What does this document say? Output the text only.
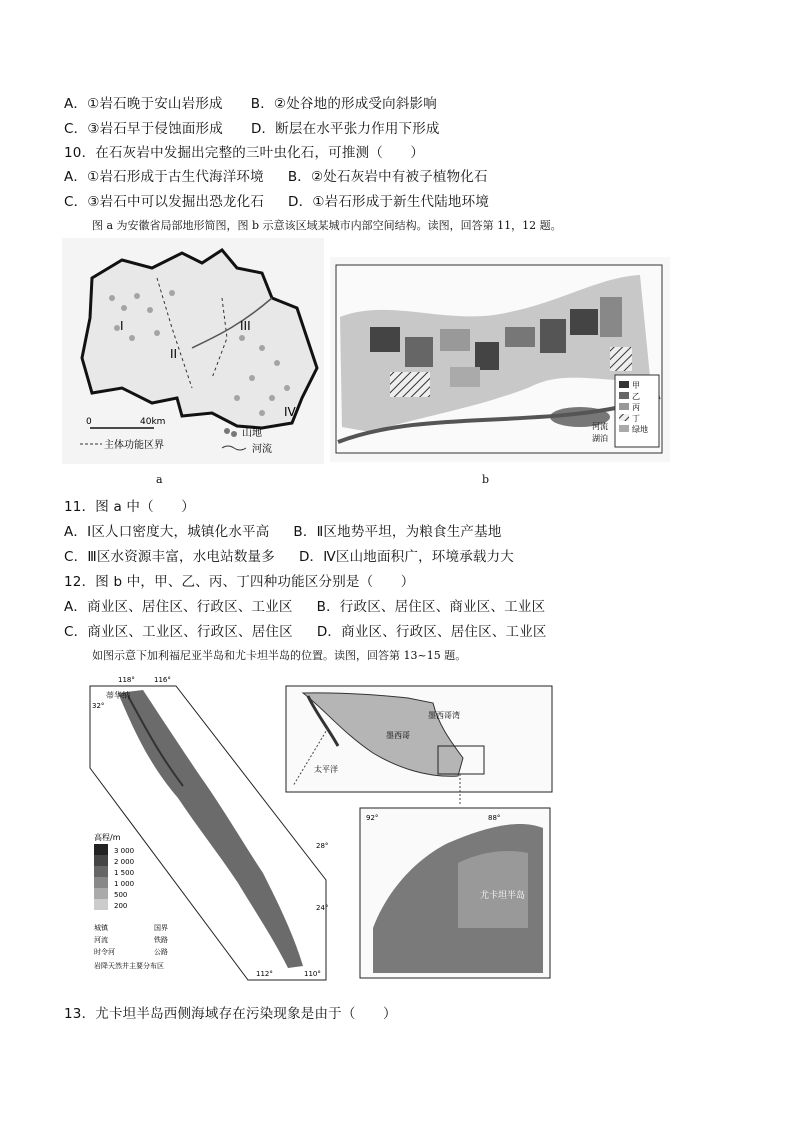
A．①岩石晚于安山岩形成 B．②处谷地的形成受向斜影响
C．③岩石早于侵蚀面形成 D．断层在水平张力作用下形成
10．在石灰岩中发掘出完整的三叶虫化石，可推测（　　）
A．①岩石形成于古生代海洋环境 B．②处石灰岩中有被子植物化石
C．③岩石中可以发掘出恐龙化石 D．①岩石形成于新生代陆地环境
图 a 为安徽省局部地形简图，图 b 示意该区域某城市内部空间结构。读图，回答第 11，12 题。
I
II
III
IV
0	40km
主体功能区界
山地
河流
甲
乙
丙
丁
绿地
河流
湖泊
a	b
11．图 a 中（　　）
A．Ⅰ区人口密度大，城镇化水平高 B．Ⅱ区地势平坦，为粮食生产基地
C．Ⅲ区水资源丰富，水电站数量多 D．Ⅳ区山地面积广，环境承载力大
12．图 b 中，甲、乙、丙、丁四种功能区分别是（　　）
A．商业区、居住区、行政区、工业区 B．行政区、居住区、商业区、工业区
C．商业区、工业区、行政区、居住区 D．商业区、行政区、居住区、工业区
如图示意下加利福尼亚半岛和尤卡坦半岛的位置。读图，回答第 13~15 题。
118°	116°
112°	110°
32°
28°
24°
蒂华纳
高程/m
3 000
2 000
1 500
1 000
500
200
城镇	国界
河流	铁路
时令河	公路
岩降天然井主要分布区
墨西哥湾
墨西哥
太平洋
92°	88°
尤卡坦半岛
13．尤卡坦半岛西侧海域存在污染现象是由于（　　）
